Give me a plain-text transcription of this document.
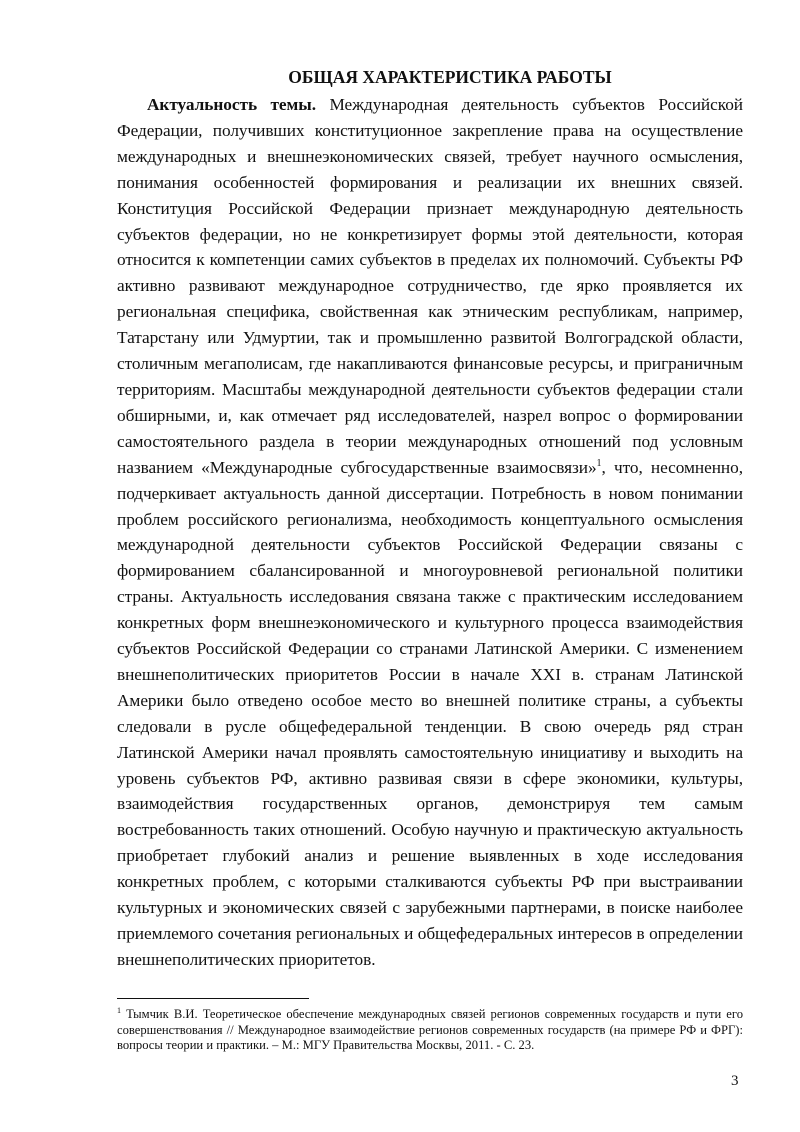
ОБЩАЯ ХАРАКТЕРИСТИКА РАБОТЫ

Актуальность темы. Международная деятельность субъектов Российской Федерации, получивших конституционное закрепление права на осуществление международных и внешнеэкономических связей, требует научного осмысления, понимания особенностей формирования и реализации их внешних связей. Конституция Российской Федерации признает международную деятельность субъектов федерации, но не конкретизирует формы этой деятельности, которая относится к компетенции самих субъектов в пределах их полномочий. Субъекты РФ активно развивают международное сотрудничество, где ярко проявляется их региональная специфика, свойственная как этническим республикам, например, Татарстану или Удмуртии, так и промышленно развитой Волгоградской области, столичным мегаполисам, где накапливаются финансовые ресурсы, и приграничным территориям. Масштабы международной деятельности субъектов федерации стали обширными, и, как отмечает ряд исследователей, назрел вопрос о формировании самостоятельного раздела в теории международных отношений под условным названием «Международные субгосударственные взаимосвязи»$^1$, что, несомненно, подчеркивает актуальность данной диссертации. Потребность в новом понимании проблем российского регионализма, необходимость концептуального осмысления международной деятельности субъектов Российской Федерации связаны с формированием сбалансированной и многоуровневой региональной политики страны. Актуальность исследования связана также с практическим исследованием конкретных форм внешнеэкономического и культурного процесса взаимодействия субъектов Российской Федерации со странами Латинской Америки. С изменением внешнеполитических приоритетов России в начале XXI в. странам Латинской Америки было отведено особое место во внешней политике страны, а субъекты следовали в русле общефедеральной тенденции. В свою очередь ряд стран Латинской Америки начал проявлять самостоятельную инициативу и выходить на уровень субъектов РФ, активно развивая связи в сфере экономики, культуры, взаимодействия государственных органов, демонстрируя тем самым востребованность таких отношений. Особую научную и практическую актуальность приобретает глубокий анализ и решение выявленных в ходе исследования конкретных проблем, с которыми сталкиваются субъекты РФ при выстраивании культурных и экономических связей с зарубежными партнерами, в поиске наиболее приемлемого сочетания региональных и общефедеральных интересов в определении внешнеполитических приоритетов.

$^1$ Тымчик В.И. Теоретическое обеспечение международных связей регионов современных государств и пути его совершенствования // Международное взаимодействие регионов современных государств (на примере РФ и ФРГ): вопросы теории и практики. – М.: МГУ Правительства Москвы, 2011. - С. 23.

3
